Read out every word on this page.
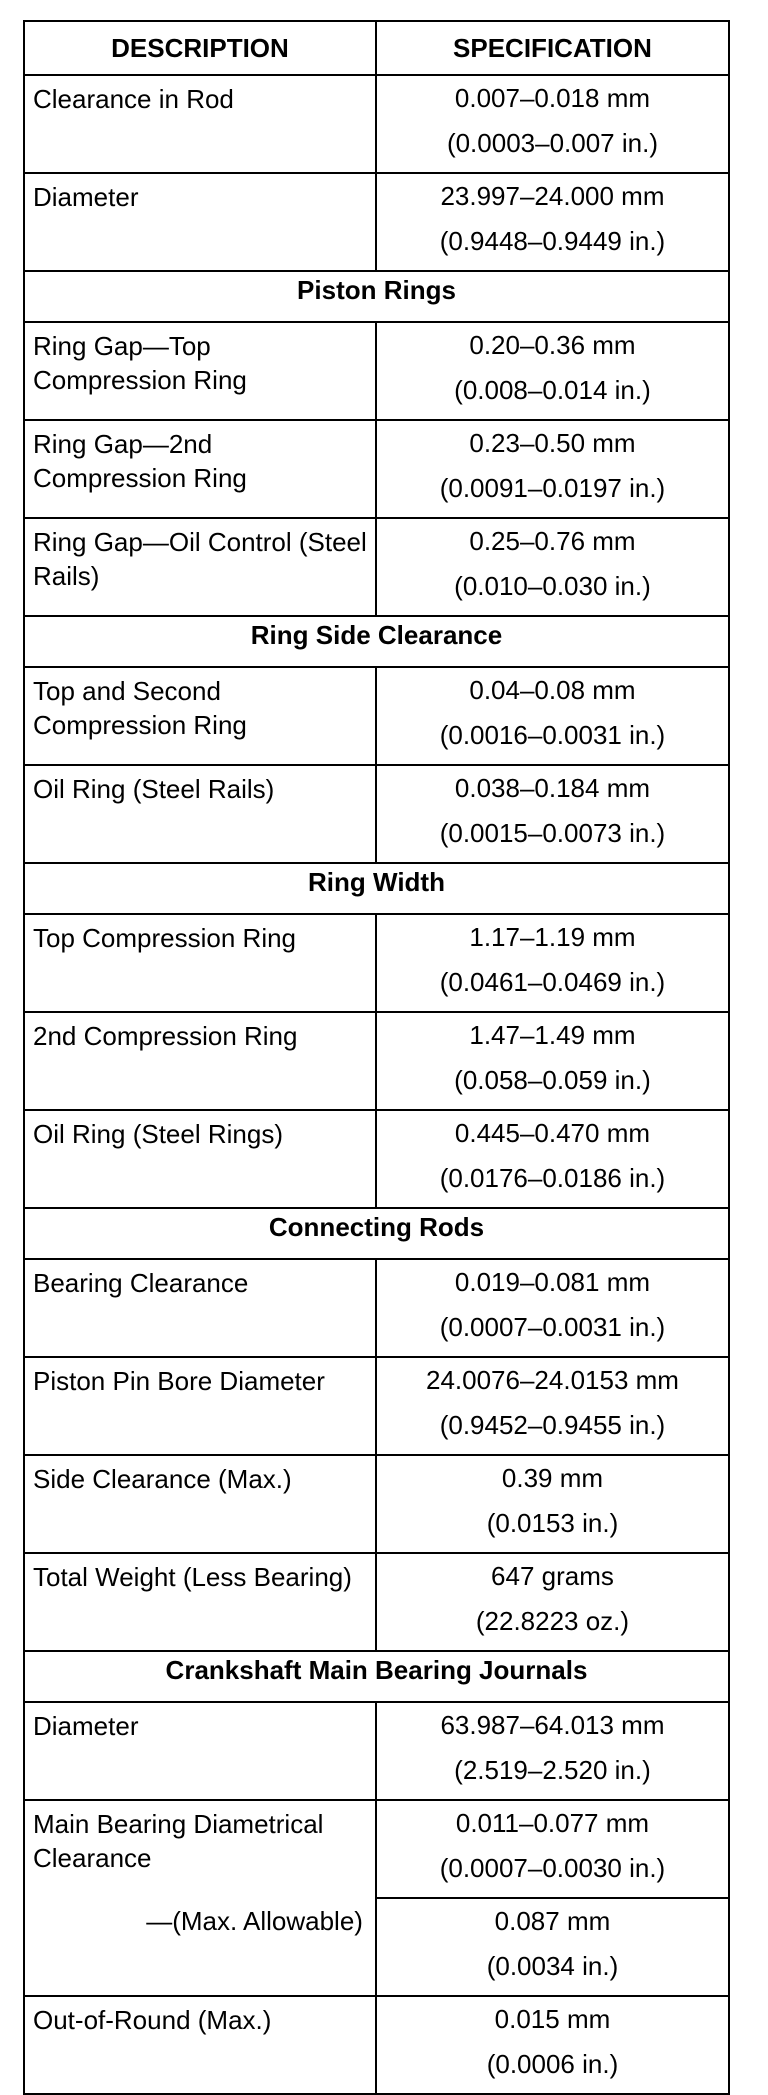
DESCRIPTION	SPECIFICATION
Clearance in Rod	0.007–0.018 mm
(0.0003–0.007 in.)

Diameter	23.997–24.000 mm
(0.9448–0.9449 in.)

Piston Rings	
Ring Gap—Top Compression Ring	0.20–0.36 mm
(0.008–0.014 in.)

Ring Gap—2nd Compression Ring	0.23–0.50 mm
(0.0091–0.0197 in.)

Ring Gap—Oil Control (Steel Rails)	0.25–0.76 mm
(0.010–0.030 in.)

Ring Side Clearance	
Top and Second Compression Ring	0.04–0.08 mm
(0.0016–0.0031 in.)

Oil Ring (Steel Rails)	0.038–0.184 mm
(0.0015–0.0073 in.)

Ring Width	
Top Compression Ring	1.17–1.19 mm
(0.0461–0.0469 in.)

2nd Compression Ring	1.47–1.49 mm
(0.058–0.059 in.)

Oil Ring (Steel Rings)	0.445–0.470 mm
(0.0176–0.0186 in.)

Connecting Rods	
Bearing Clearance	0.019–0.081 mm
(0.0007–0.0031 in.)

Piston Pin Bore Diameter	24.0076–24.0153 mm
(0.9452–0.9455 in.)

Side Clearance (Max.)	0.39 mm
(0.0153 in.)

Total Weight (Less Bearing)	647 grams
(22.8223 oz.)

Crankshaft Main Bearing Journals	
Diameter	63.987–64.013 mm
(2.519–2.520 in.)

Main Bearing Diametrical Clearance	0.011–0.077 mm
(0.0007–0.0030 in.)

—(Max. Allowable)	0.087 mm
(0.0034 in.)

Out-of-Round (Max.)	0.015 mm
(0.0006 in.)
